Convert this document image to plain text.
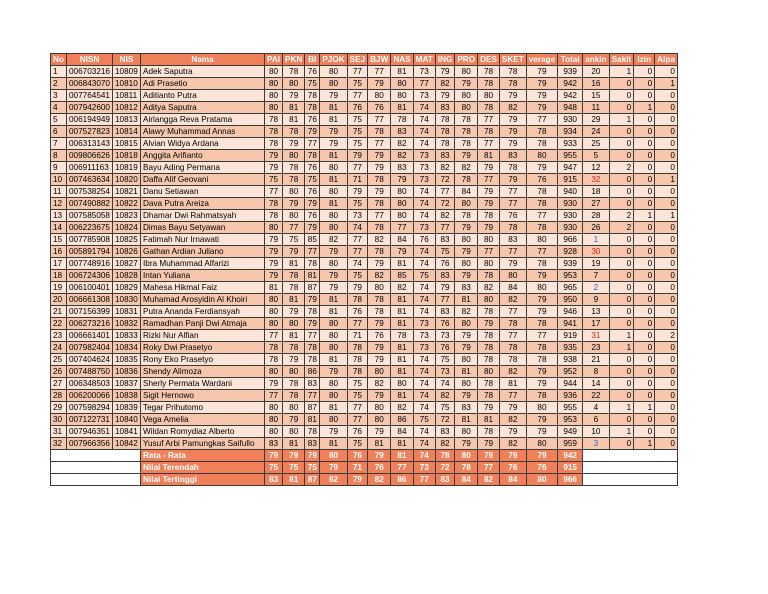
No	NISN	NIS	Nama	PAI	PKN	BI	PJOK	SEJ	BJW	NAS	MAT	ING	PRO	DES	SKET	verage	Total	ankin	Sakit	Izin	Alpa
1	006703216	10809	Adek Saputra	80	78	76	80	77	77	81	73	79	80	78	78	79	939	20	1	0	0
2	006843070	10810	Adi Prasetio	80	80	75	80	75	79	80	77	82	79	78	78	79	942	16	0	0	1
3	007764541	10811	Aditianto Putra	80	79	78	79	77	80	80	73	79	80	80	79	79	942	15	0	0	0
4	007942600	10812	Aditya Saputra	80	81	78	81	76	76	81	74	83	80	78	82	79	948	11	0	1	0
5	006194949	10813	Airlangga Reva Pratama	78	81	76	81	75	77	78	74	78	78	77	79	77	930	29	1	0	0
6	007527823	10814	Alawy Muhammad Annas	78	78	79	79	75	78	83	74	78	78	78	79	78	934	24	0	0	0
7	006313143	10815	Alvian Widya Ardana	78	79	77	79	75	77	82	74	78	78	77	79	78	933	25	0	0	0
8	009806626	10818	Anggita Arifianto	79	80	78	81	79	79	82	73	83	79	81	83	80	955	5	0	0	0
9	006911163	10819	Bayu Ading Permana	79	78	76	80	77	79	83	73	82	82	79	78	79	947	12	2	0	0
10	007463634	10820	Daffa Alif Geovani	75	78	75	81	71	78	79	73	72	78	77	79	76	915	32	0	0	1
11	007538254	10821	Danu Setiawan	77	80	76	80	79	79	80	74	77	84	79	77	78	940	18	0	0	0
12	007490882	10822	Dava Putra Areiza	78	79	79	81	75	78	80	74	72	80	79	77	78	930	27	0	0	0
13	007585058	10823	Dhamar Dwi Rahmatsyah	78	80	76	80	73	77	80	74	82	78	78	76	77	930	28	2	1	1
14	006223675	10824	Dimas Bayu Setyawan	80	77	79	80	74	78	77	73	77	79	79	78	78	930	26	2	0	0
15	007785908	10825	Fatimah Nur Irnawati	79	75	85	82	77	82	84	76	83	80	80	83	80	966	1	0	0	0
16	005891794	10826	Gathan Ardian Juliano	79	79	77	79	77	78	79	74	75	79	77	77	77	928	30	0	0	0
17	007748916	10827	Ibra Muhammad Alfarizi	79	81	78	80	74	79	81	74	76	80	80	79	78	939	19	0	0	0
18	006724306	10828	Intan Yuliana	79	78	81	79	75	82	85	75	83	79	78	80	79	953	7	0	0	0
19	006100401	10829	Mahesa Hikmal Faiz	81	78	87	79	79	80	82	74	79	83	82	84	80	965	2	0	0	0
20	006661308	10830	Muhamad Arosyidin Al Khoiri	80	81	79	81	78	78	81	74	77	81	80	82	79	950	9	0	0	0
21	007156399	10831	Putra Ananda Ferdiansyah	80	79	78	81	76	78	81	74	83	82	78	77	79	946	13	0	0	0
22	006273216	10832	Ramadhan Panji Dwi Atmaja	80	80	79	80	77	79	81	73	76	80	79	78	78	941	17	0	0	0
23	006661401	10833	Rizki Nur Alfian	77	81	77	80	71	76	78	73	73	79	78	77	77	919	31	1	0	2
24	007982404	10834	Roky Dwi Prasetyo	78	78	78	80	78	79	81	73	76	79	78	78	78	935	23	1	0	0
25	007404624	10835	Rony Eko Prasetyo	78	79	78	81	78	79	81	74	75	80	78	78	78	938	21	0	0	0
26	007488750	10836	Shendy Alimoza	80	80	86	79	78	80	81	74	73	81	80	82	79	952	8	0	0	0
27	006348503	10837	Sherly Permata Wardani	79	78	83	80	75	82	80	74	74	80	78	81	79	944	14	0	0	0
28	006200066	10838	Sigit Hernowo	77	78	77	80	75	79	81	74	82	79	78	77	78	936	22	0	0	0
29	007598294	10839	Tegar Prihutomo	80	80	87	81	77	80	82	74	75	83	79	79	80	955	4	1	1	0
30	007122731	10840	Vega Amelia	80	79	81	80	77	80	86	75	72	81	81	82	79	953	6	0	0	0
31	007946351	10841	Wildan Romydiaz Alberto	80	80	78	79	76	79	84	74	83	80	78	79	79	949	10	1	0	0
32	007966356	10842	Yusuf Arbi Pamungkas Saifullo	83	81	83	81	75	81	81	74	82	79	79	82	80	959	3	0	1	0
			Rata - Rata	79	79	79	80	76	79	81	74	78	80	79	79	79	942				
			Nilai Terendah	75	75	75	79	71	76	77	73	72	78	77	76	76	915				
			Nilai Tertinggi	83	81	87	82	79	82	86	77	83	84	82	84	80	966				
